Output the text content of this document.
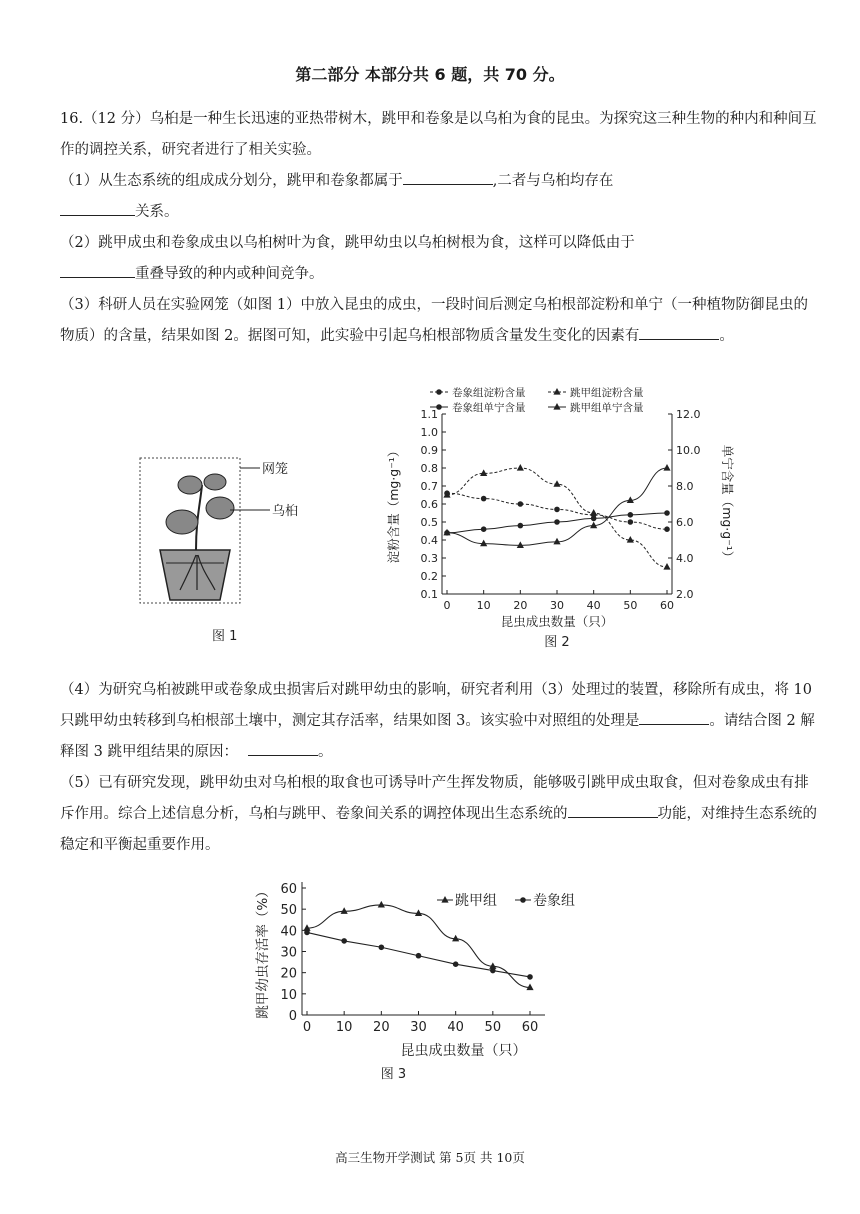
第二部分 本部分共 6 题，共 70 分。

16.（12 分）乌桕是一种生长迅速的亚热带树木，跳甲和卷象是以乌桕为食的昆虫。为探究这三种生物的种内和种间互作的调控关系，研究者进行了相关实验。

（1）从生态系统的组成成分划分，跳甲和卷象都属于	,二者与乌桕均存在
关系。

（2）跳甲成虫和卷象成虫以乌桕树叶为食，跳甲幼虫以乌桕树根为食，这样可以降低由于
重叠导致的种内或种间竞争。

（3）科研人员在实验网笼（如图 1）中放入昆虫的成虫，一段时间后测定乌桕根部淀粉和单宁（一种植物防御昆虫的物质）的含量，结果如图 2。据图可知，此实验中引起乌桕根部物质含量发生变化的因素有	。

网笼
乌桕
图 1
卷象组淀粉含量	跳甲组淀粉含量
卷象组单宁含量	跳甲组单宁含量
0.1
0.2
0.3
0.4
0.5
0.6
0.7
0.8
0.9
1.0
1.1
2.0
4.0
6.0
8.0
10.0
12.0
0 10 20 30 40 50 60
昆虫成虫数量（只）
淀粉含量（mg·g⁻¹）	单宁含量（mg·g⁻¹）
图 2

（4）为研究乌桕被跳甲或卷象成虫损害后对跳甲幼虫的影响，研究者利用（3）处理过的装置，移除所有成虫，将 10 只跳甲幼虫转移到乌桕根部土壤中，测定其存活率，结果如图 3。该实验中对照组的处理是	。请结合图 2 解释图 3 跳甲组结果的原因：	。

（5）已有研究发现，跳甲幼虫对乌桕根的取食也可诱导叶产生挥发物质，能够吸引跳甲成虫取食，但对卷象成虫有排斥作用。综合上述信息分析，乌桕与跳甲、卷象间关系的调控体现出生态系统的	功能，对维持生态系统的稳定和平衡起重要作用。

0
10
20
30
40
50
60
0 10 20 30 40 50 60
昆虫成虫数量（只）
跳甲幼虫存活率（%）
图 3
跳甲组	卷象组
高三生物开学测试 第 5页 共 10页
